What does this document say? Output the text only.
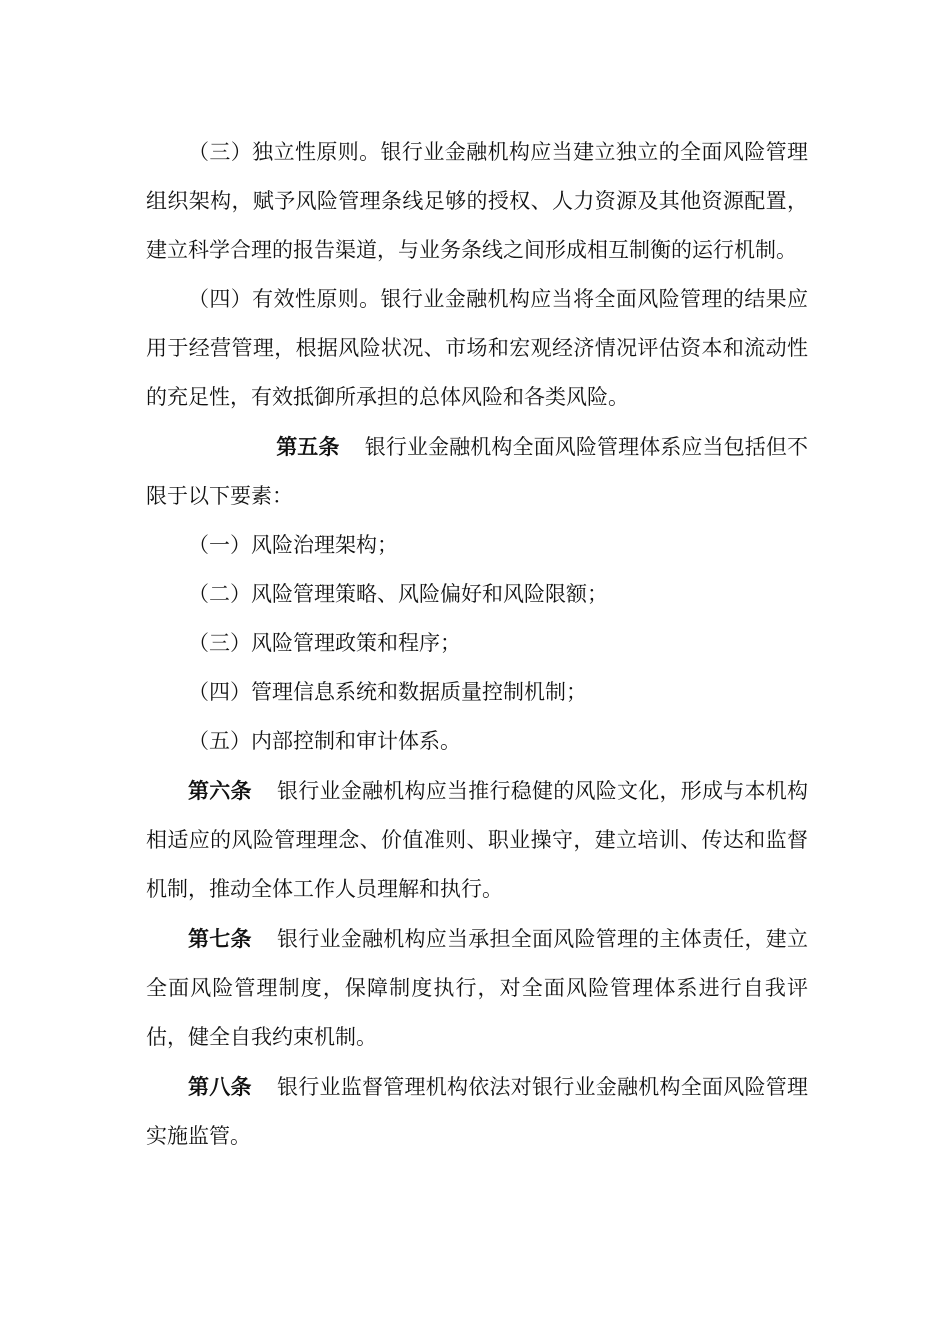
（三）独立性原则。银行业金融机构应当建立独立的全面风险管理组织架构，赋予风险管理条线足够的授权、人力资源及其他资源配置，建立科学合理的报告渠道，与业务条线之间形成相互制衡的运行机制。

（四）有效性原则。银行业金融机构应当将全面风险管理的结果应用于经营管理，根据风险状况、市场和宏观经济情况评估资本和流动性的充足性，有效抵御所承担的总体风险和各类风险。

第五条 银行业金融机构全面风险管理体系应当包括但不限于以下要素：

（一）风险治理架构；

（二）风险管理策略、风险偏好和风险限额；

（三）风险管理政策和程序；

（四）管理信息系统和数据质量控制机制；

（五）内部控制和审计体系。

第六条 银行业金融机构应当推行稳健的风险文化，形成与本机构相适应的风险管理理念、价值准则、职业操守，建立培训、传达和监督机制，推动全体工作人员理解和执行。

第七条 银行业金融机构应当承担全面风险管理的主体责任，建立全面风险管理制度，保障制度执行，对全面风险管理体系进行自我评估，健全自我约束机制。

第八条 银行业监督管理机构依法对银行业金融机构全面风险管理实施监管。
